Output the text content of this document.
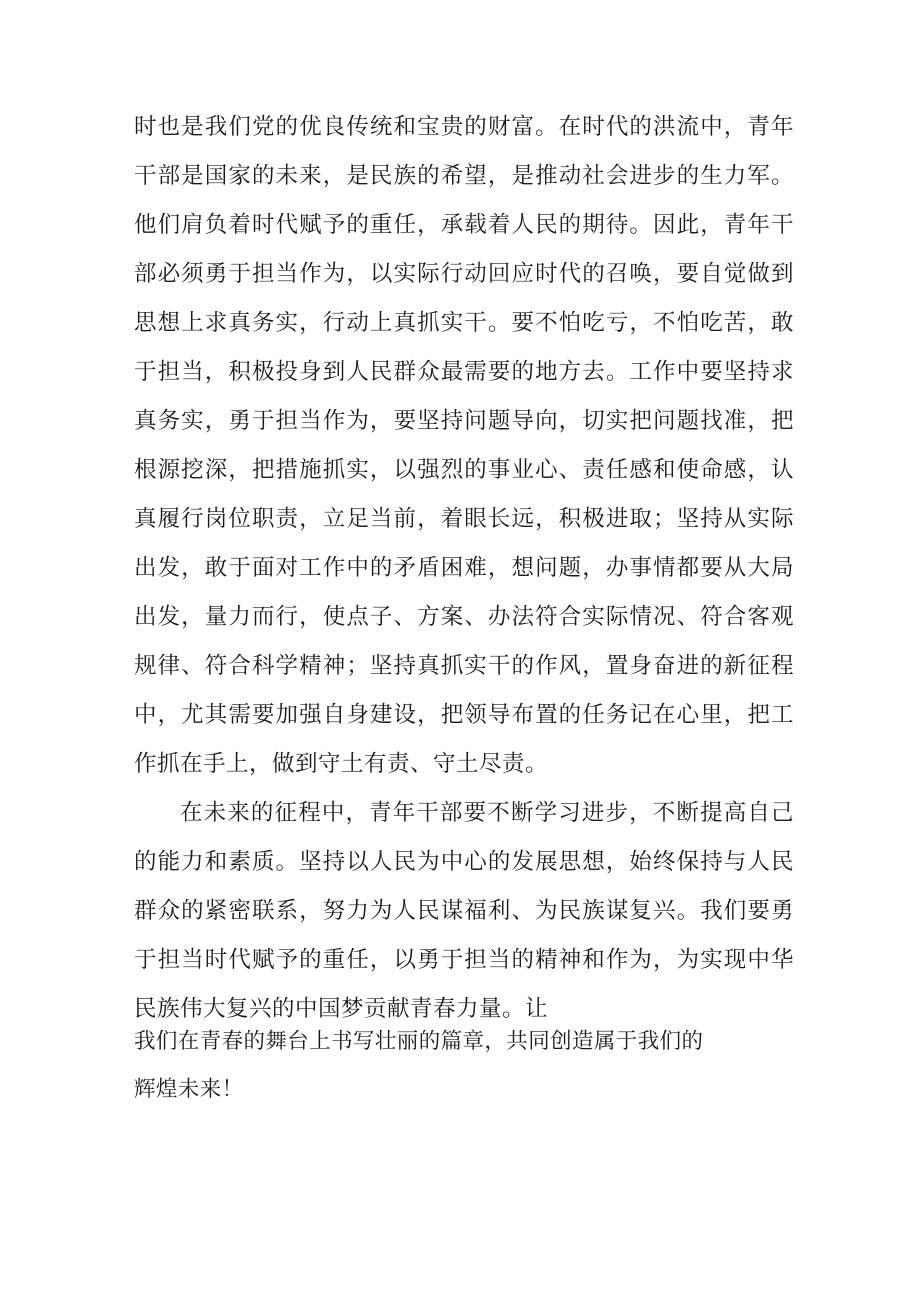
时也是我们党的优良传统和宝贵的财富。在时代的洪流中，青年
干部是国家的未来，是民族的希望，是推动社会进步的生力军。
他们肩负着时代赋予的重任，承载着人民的期待。因此，青年干
部必须勇于担当作为，以实际行动回应时代的召唤，要自觉做到
思想上求真务实，行动上真抓实干。要不怕吃亏，不怕吃苦，敢
于担当，积极投身到人民群众最需要的地方去。工作中要坚持求
真务实，勇于担当作为，要坚持问题导向，切实把问题找准，把
根源挖深，把措施抓实，以强烈的事业心、责任感和使命感，认
真履行岗位职责，立足当前，着眼长远，积极进取；坚持从实际
出发，敢于面对工作中的矛盾困难，想问题，办事情都要从大局
出发，量力而行，使点子、方案、办法符合实际情况、符合客观
规律、符合科学精神；坚持真抓实干的作风，置身奋进的新征程
中，尤其需要加强自身建设，把领导布置的任务记在心里，把工
作抓在手上，做到守土有责、守土尽责。
在未来的征程中，青年干部要不断学习进步，不断提高自己
的能力和素质。坚持以人民为中心的发展思想，始终保持与人民
群众的紧密联系，努力为人民谋福利、为民族谋复兴。我们要勇
于担当时代赋予的重任，以勇于担当的精神和作为，为实现中华
民族伟大复兴的中国梦贡献青春力量。让
我们在青春的舞台上书写壮丽的篇章，共同创造属于我们的
辉煌未来！
